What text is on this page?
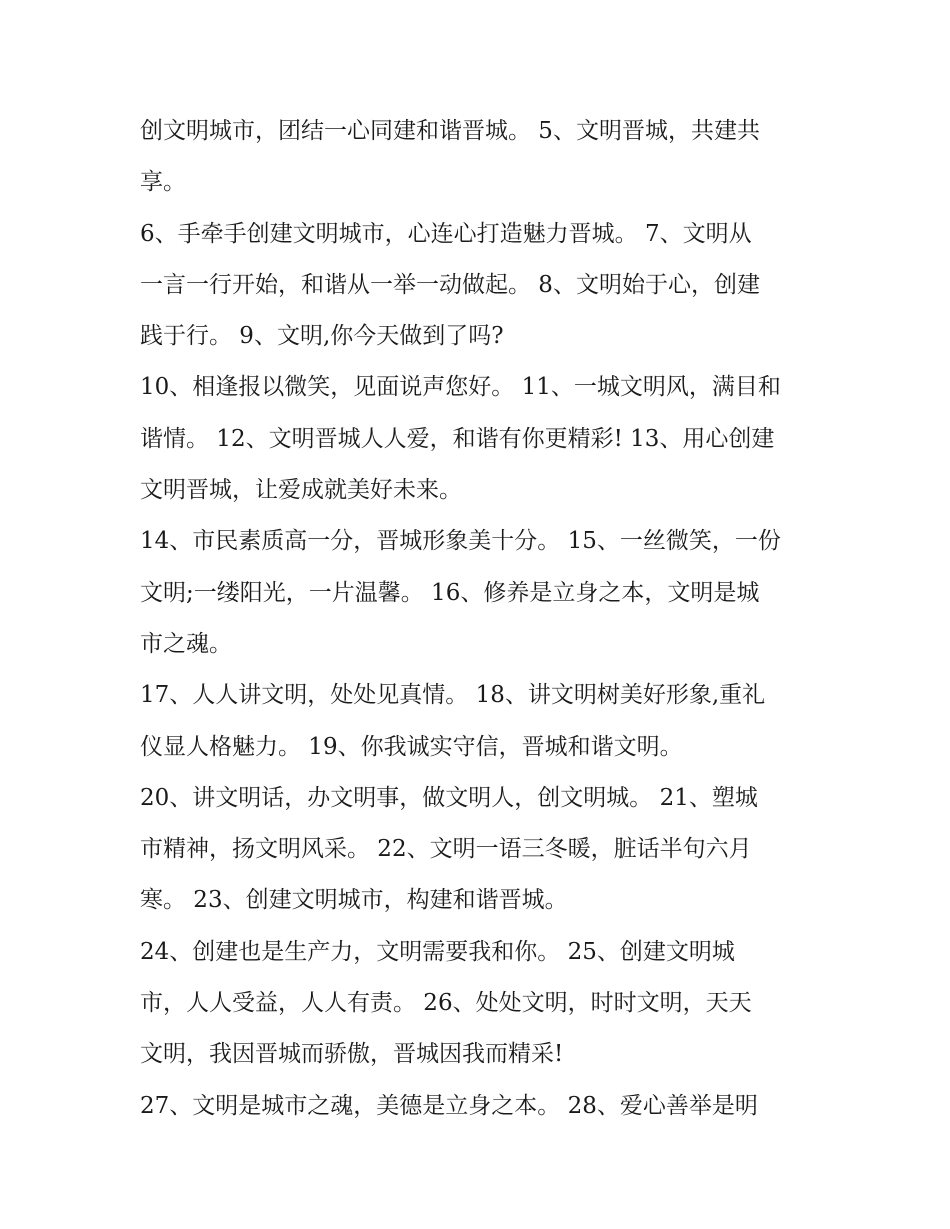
创文明城市，团结一心同建和谐晋城。 5、文明晋城，共建共
享。
6、手牵手创建文明城市，心连心打造魅力晋城。 7、文明从
一言一行开始，和谐从一举一动做起。 8、文明始于心，创建
践于行。 9、文明,你今天做到了吗?
10、相逢报以微笑，见面说声您好。 11、一城文明风，满目和
谐情。 12、文明晋城人人爱，和谐有你更精彩! 13、用心创建
文明晋城，让爱成就美好未来。
14、市民素质高一分，晋城形象美十分。 15、一丝微笑，一份
文明;一缕阳光，一片温馨。 16、修养是立身之本，文明是城
市之魂。
17、人人讲文明，处处见真情。 18、讲文明树美好形象,重礼
仪显人格魅力。 19、你我诚实守信，晋城和谐文明。
20、讲文明话，办文明事，做文明人，创文明城。 21、塑城
市精神，扬文明风采。 22、文明一语三冬暖，脏话半句六月
寒。 23、创建文明城市，构建和谐晋城。
24、创建也是生产力，文明需要我和你。 25、创建文明城
市，人人受益，人人有责。 26、处处文明，时时文明，天天
文明，我因晋城而骄傲，晋城因我而精采!
27、文明是城市之魂，美德是立身之本。 28、爱心善举是明
